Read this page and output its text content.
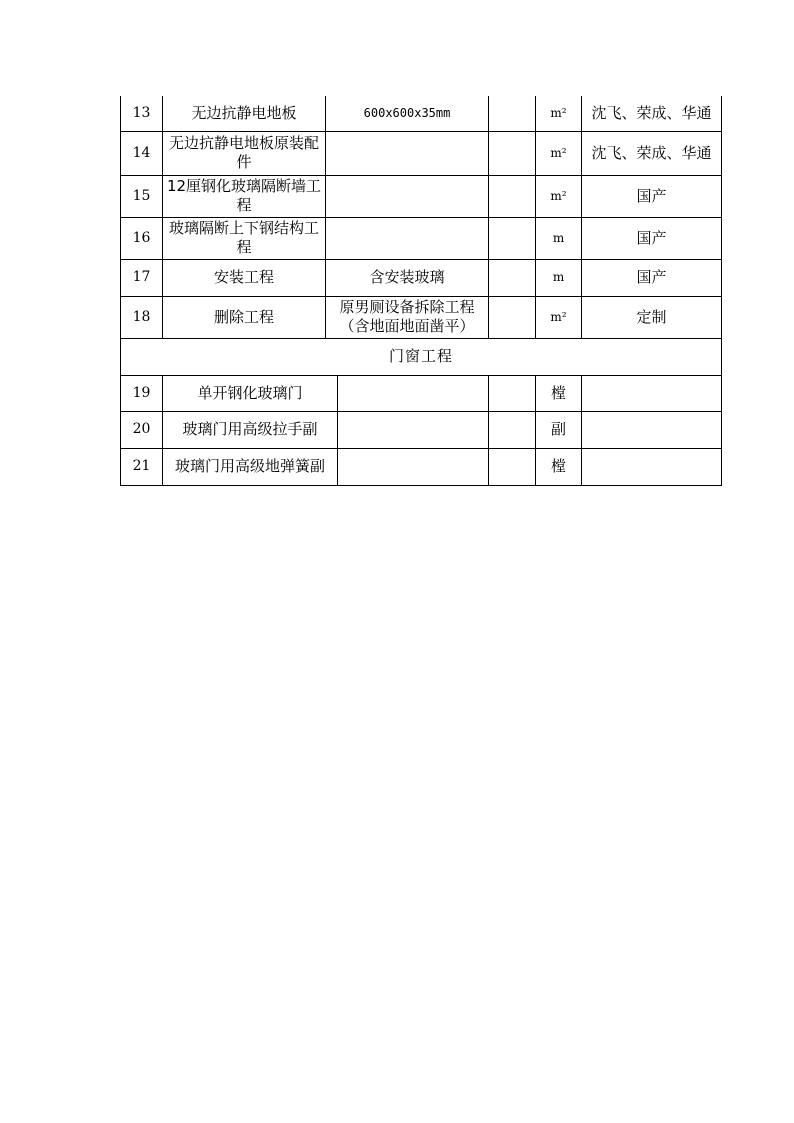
13	无边抗静电地板	600x600x35mm			m²	沈飞、荣成、华通
14	无边抗静电地板原装配件				m²	沈飞、荣成、华通
15	12厘钢化玻璃隔断墙工程				m²	国产
16	玻璃隔断上下钢结构工程				m	国产
17	安装工程	含安装玻璃			m	国产
18	删除工程	原男厕设备拆除工程（含地面地面凿平）			m²	定制
门窗工程						
19	单开钢化玻璃门				樘	
20	玻璃门用高级拉手副				副	
21	玻璃门用高级地弹簧副				樘	
